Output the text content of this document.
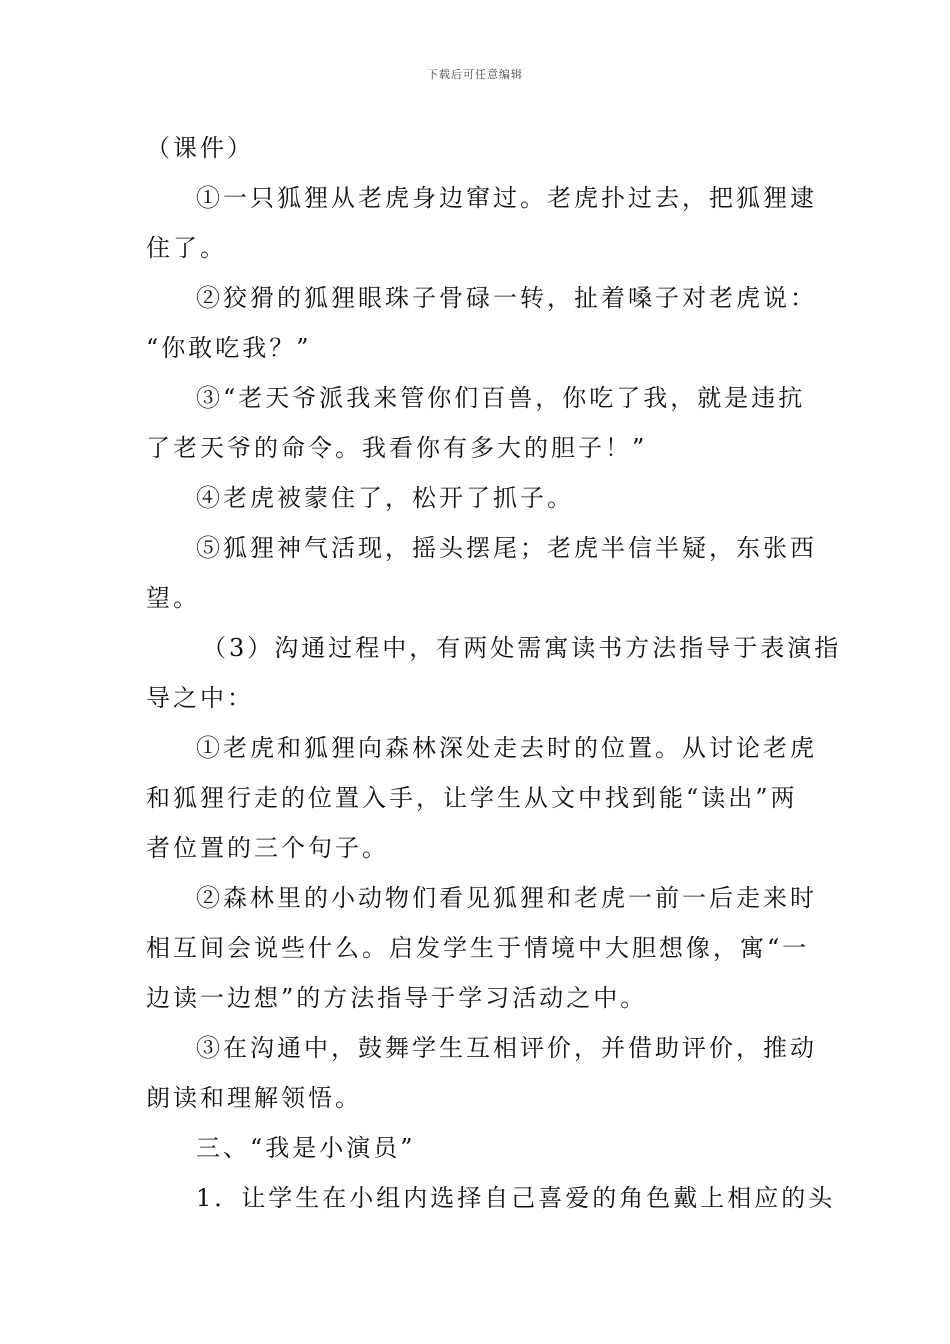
下载后可任意编辑
（课件）
①一只狐狸从老虎身边窜过。老虎扑过去，把狐狸逮
住了。
②狡猾的狐狸眼珠子骨碌一转，扯着嗓子对老虎说：
“你敢吃我？”
③“老天爷派我来管你们百兽，你吃了我，就是违抗
了老天爷的命令。我看你有多大的胆子！”
④老虎被蒙住了，松开了抓子。
⑤狐狸神气活现，摇头摆尾；老虎半信半疑，东张西
望。
（3）沟通过程中，有两处需寓读书方法指导于表演指
导之中：
①老虎和狐狸向森林深处走去时的位置。从讨论老虎
和狐狸行走的位置入手，让学生从文中找到能“读出”两
者位置的三个句子。
②森林里的小动物们看见狐狸和老虎一前一后走来时
相互间会说些什么。启发学生于情境中大胆想像，寓“一
边读一边想”的方法指导于学习活动之中。
③在沟通中，鼓舞学生互相评价，并借助评价，推动
朗读和理解领悟。
三、“我是小演员”
1．让学生在小组内选择自己喜爱的角色戴上相应的头
